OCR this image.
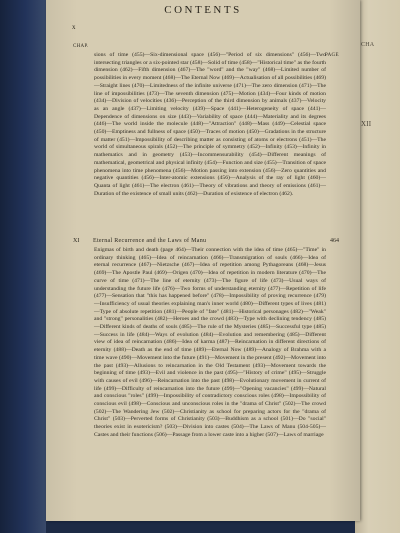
CHA
XII
x
CONTENTS
CHAP.
PAGE
sions of time (455)—Six-dimensional space (456)—"Period of six dimensions" (456)—Two intersecting triangles or a six-pointed star (458)—Solid of time (458)—"Historical time" as the fourth dimension (462)—Fifth dimension (467)—The "word" and the "way" (468)—Limited number of possibilities in every moment (468)—The Eternal Now (469)—Actualisation of all possibilities (469)—Straight lines (470)—Limitedness of the infinite universe (471)—The zero dimension (471)—The line of impossibilities (473)—The seventh dimension (475)—Motion (434)—Four kinds of motion (434)—Division of velocities (436)—Perception of the third dimension by animals (437)—Velocity as an angle (437)—Limiting velocity (439)—Space (441)—Heterogeneity of space (441)—Dependence of dimensions on size (443)—Variability of space (444)—Materiality and its degrees (446)—The world inside the molecule (448)—"Attraction" (448)—Mass (449)—Celestial space (450)—Emptiness and fullness of space (450)—Traces of motion (450)—Gradations in the structure of matter (451)—Impossibility of describing matter as consisting of atoms or electrons (451)—The world of simultaneous spirals (452)—The principle of symmetry (452)—Infinity (453)—Infinity in mathematics and in geometry (453)—Incommensurability (454)—Different meanings of mathematical, geometrical and physical infinity (454)—Function and size (455)—Transition of space phenomena into time phenomena (456)—Motion passing into extension (456)—Zero quantities and negative quantities (456)—Inter-atomic extensions (456)—Analysis of the ray of light (460)—Quanta of light (461)—The electron (461)—Theory of vibrations and theory of emissions (461)—Duration of the existence of small units (462)—Duration of existence of electron (462).
XI Eternal Recurrence and the Laws of Manu	464
Enigmas of birth and death (page 464)—Their connection with the idea of time (465)—"Time" in ordinary thinking (465)—Idea of reincarnation (466)—Transmigration of souls (466)—Idea of eternal recurrence (467)—Nietzsche (467)—Idea of repetition among Pythagoreans (468)—Jesus (469)—The Apostle Paul (469)—Origen (470)—Idea of repetition in modern literature (470)—The curve of time (471)—The line of eternity (473)—The figure of life (473)—Usual ways of understanding the future life (476)—Two forms of understanding eternity (477)—Repetition of life (477)—Sensation that "this has happened before" (478)—Impossibility of proving recurrence (479)—Insufficiency of usual theories explaining man's inner world (480)—Different types of lives (481)—Type of absolute repetition (481)—People of "fate" (481)—Historical personages (482)—"Weak" and "strong" personalities (482)—Heroes and the crowd (483)—Type with declining tendency (485)—Different kinds of deaths of souls (485)—The rule of the Mysteries (485)—Successful type (485)—Success in life (484)—Ways of evolution (484)—Evolution and remembering (485)—Different view of idea of reincarnation (486)—Idea of karma (487)—Reincarnation in different directions of eternity (488)—Death as the end of time (489)—Eternal Now (489)—Analogy of Brahma with a time wave (490)—Movement into the future (491)—Movement in the present (492)—Movement into the past (493)—Allusions to reincarnation in the Old Testament (493)—Movement towards the beginning of time (493)—Evil and violence in the past (495)—"History of crime" (495)—Struggle with causes of evil (496)—Reincarnation into the past (498)—Evolutionary movement in current of life (499)—Difficulty of reincarnation into the future (499)—"Opening vacancies" (499)—Natural and conscious "roles" (499)—Impossibility of contradictory conscious roles (498)—Impossibility of conscious evil (498)—Conscious and unconscious roles in the "drama of Christ" (502)—The crowd (502)—The Wandering Jew (502)—Christianity as school for preparing actors for the "drama of Christ" (503)—Perverted forms of Christianity (503)—Buddhism as a school (501)—Do "social" theories exist in esotericism? (503)—Division into castes (504)—The Laws of Manu (504-505)—Castes and their functions (506)—Passage from a lower caste into a higher (507)—Laws of marriage
